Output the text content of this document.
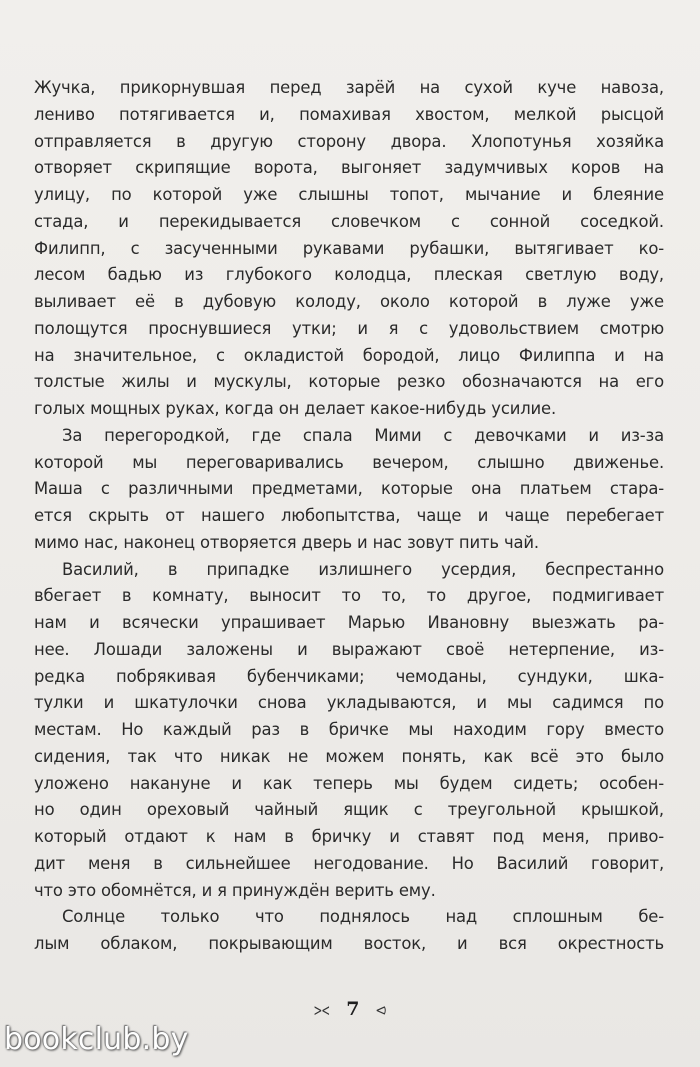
Жучка, прикорнувшая перед зарёй на сухой куче навоза,
лениво потягивается и, помахивая хвостом, мелкой рысцой
отправляется в другую сторону двора. Хлопотунья хозяйка
отворяет скрипящие ворота, выгоняет задумчивых коров на
улицу, по которой уже слышны топот, мычание и блеяние
стада, и перекидывается словечком с сонной соседкой.
Филипп, с засученными рукавами рубашки, вытягивает ко-
лесом бадью из глубокого колодца, плеская светлую воду,
выливает её в дубовую колоду, около которой в луже уже
полощутся проснувшиеся утки; и я с удовольствием смотрю
на значительное, с окладистой бородой, лицо Филиппа и на
толстые жилы и мускулы, которые резко обозначаются на его
голых мощных руках, когда он делает какое-нибудь усилие.
За перегородкой, где спала Мими с девочками и из-за
которой мы переговаривались вечером, слышно движенье.
Маша с различными предметами, которые она платьем стара-
ется скрыть от нашего любопытства, чаще и чаще перебегает
мимо нас, наконец отворяется дверь и нас зовут пить чай.
Василий, в припадке излишнего усердия, беспрестанно
вбегает в комнату, выносит то то, то другое, подмигивает
нам и всячески упрашивает Марью Ивановну выезжать ра-
нее. Лошади заложены и выражают своё нетерпение, из-
редка побрякивая бубенчиками; чемоданы, сундуки, шка-
тулки и шкатулочки снова укладываются, и мы садимся по
местам. Но каждый раз в бричке мы находим гору вместо
сидения, так что никак не можем понять, как всё это было
уложено накануне и как теперь мы будем сидеть; особен-
но один ореховый чайный ящик с треугольной крышкой,
который отдают к нам в бричку и ставят под меня, приво-
дит меня в сильнейшее негодование. Но Василий говорит,
что это обомнётся, и я принуждён верить ему.
Солнце только что поднялось над сплошным бе-
лым облаком, покрывающим восток, и вся окрестность
⪥ 7 ⪦
bookclub.by
